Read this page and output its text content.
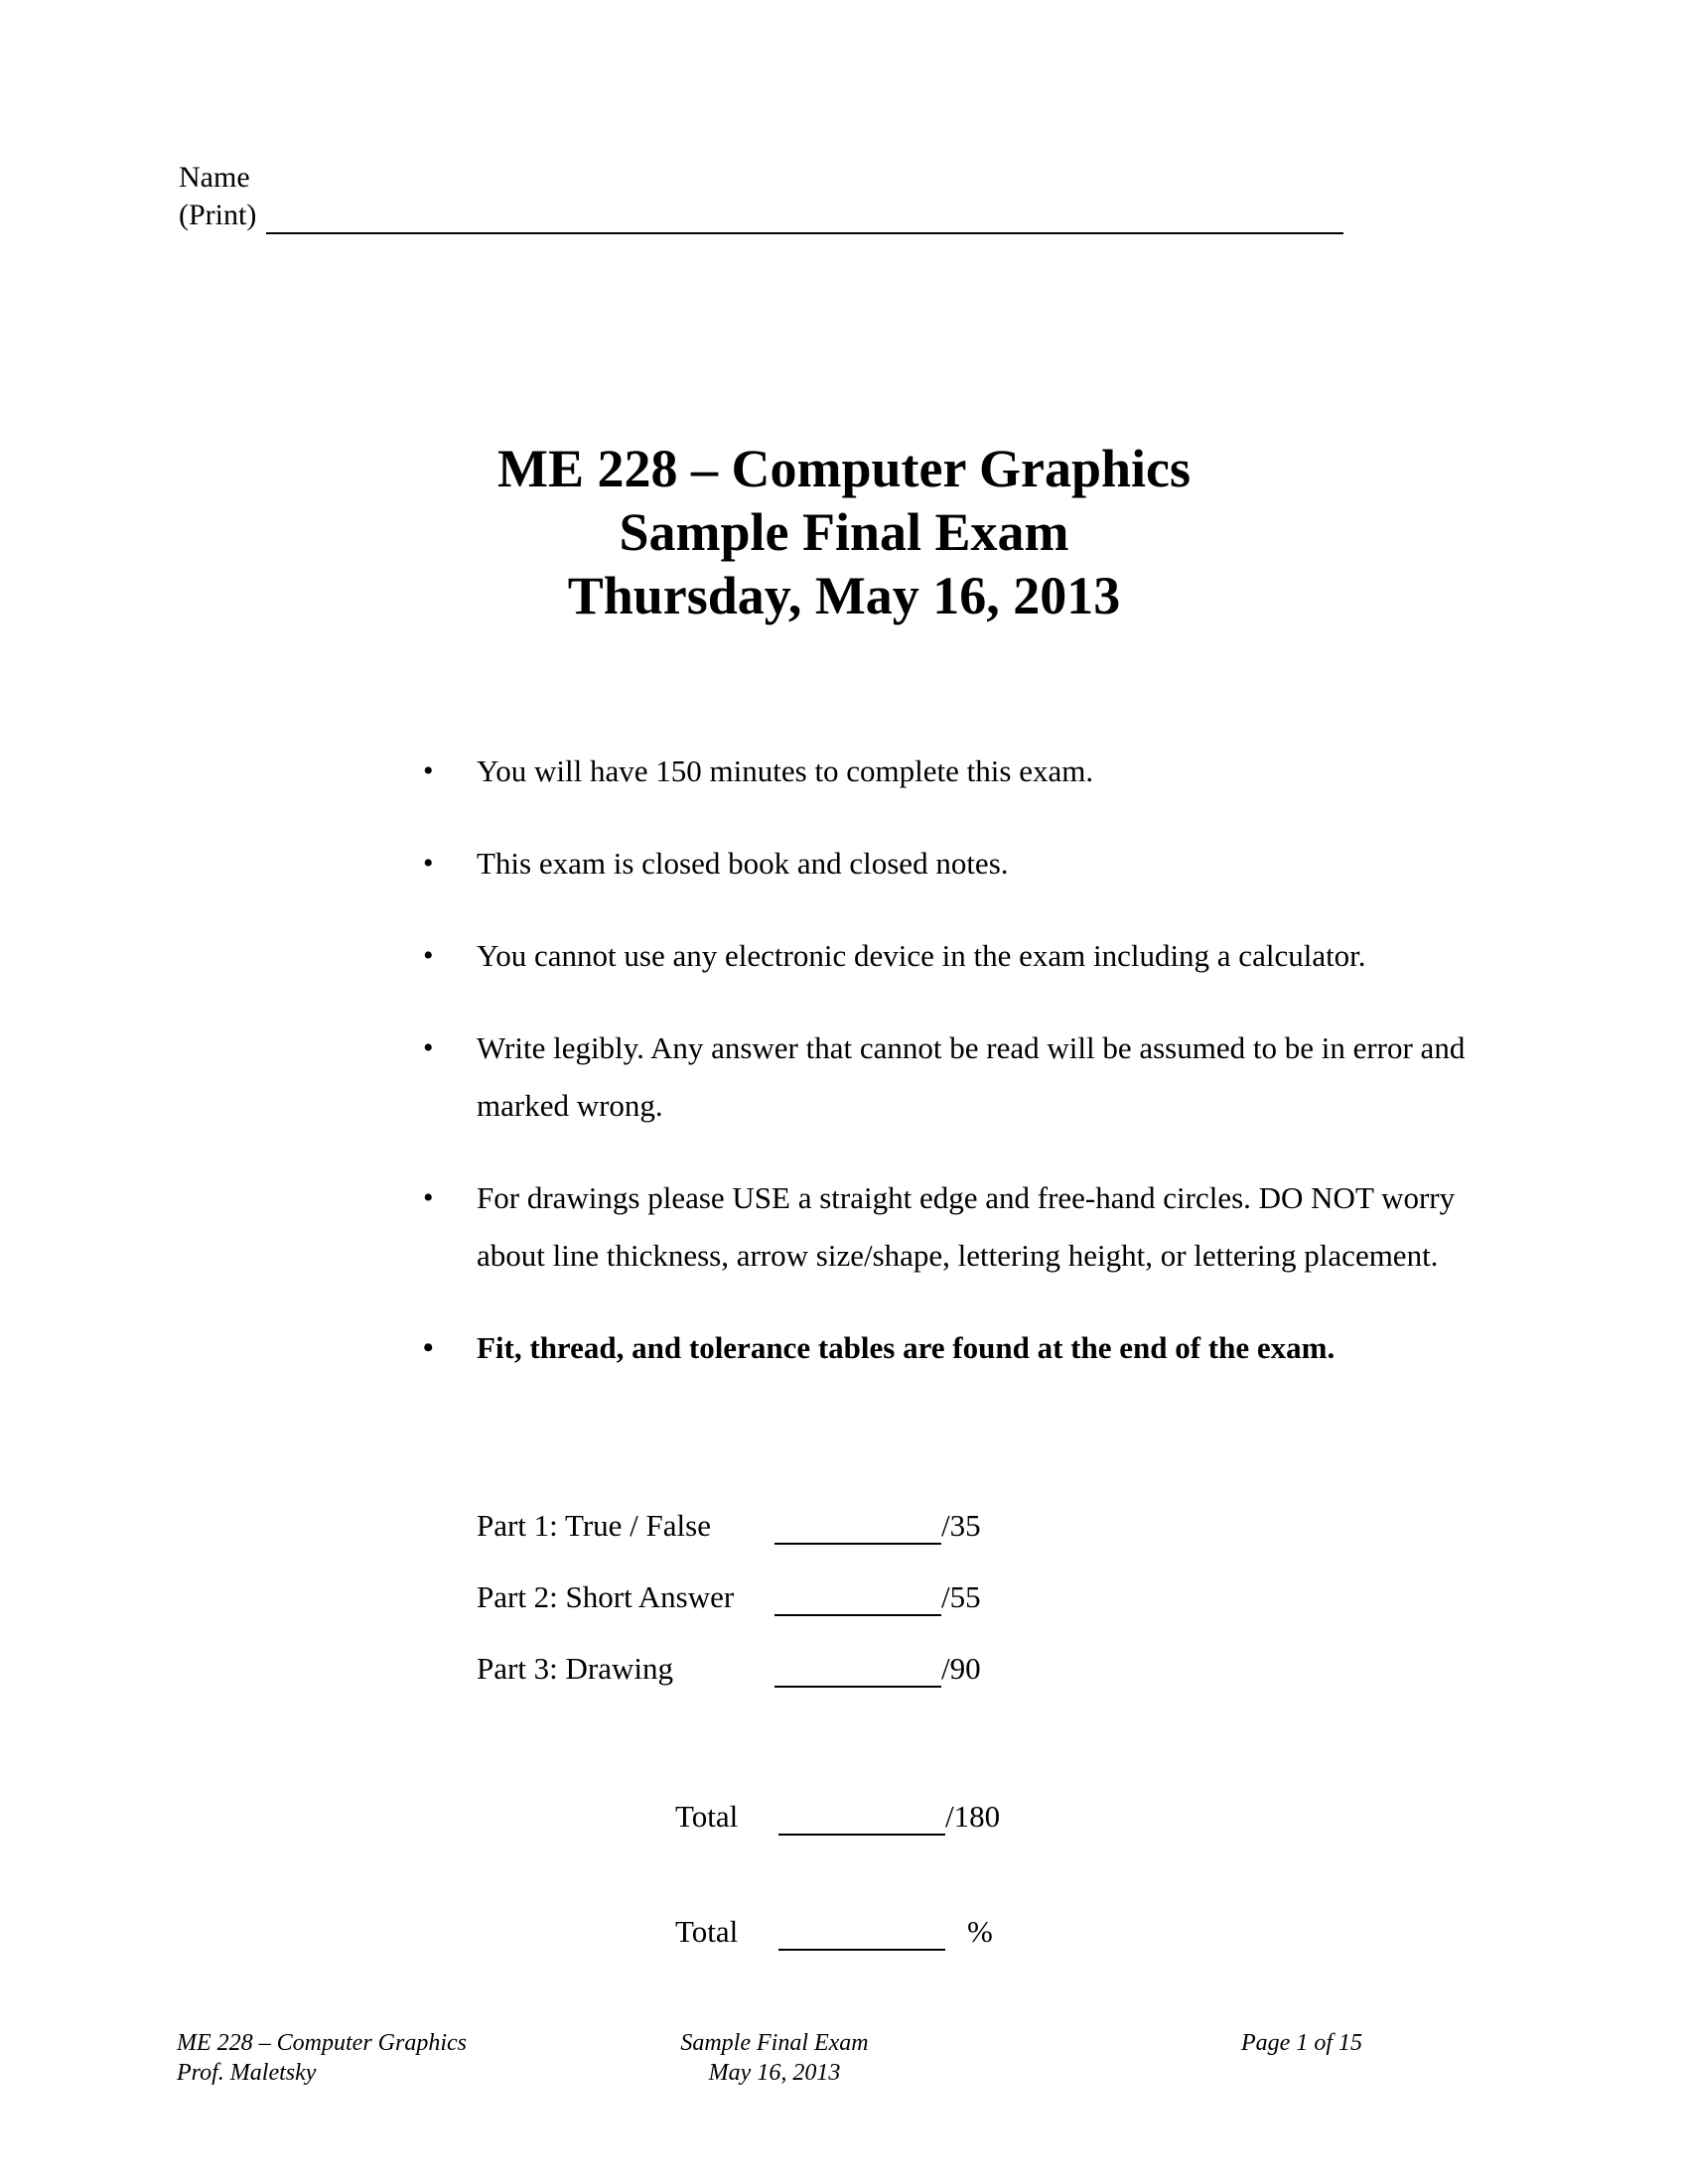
Name
(Print)
ME 228 – Computer Graphics
Sample Final Exam
Thursday, May 16, 2013
• You will have 150 minutes to complete this exam.
• This exam is closed book and closed notes.
• You cannot use any electronic device in the exam including a calculator.
• Write legibly. Any answer that cannot be read will be assumed to be in error and marked wrong.
• For drawings please USE a straight edge and free-hand circles. DO NOT worry about line thickness, arrow size/shape, lettering height, or lettering placement.
• Fit, thread, and tolerance tables are found at the end of the exam.
Part 1: True / False	/35
Part 2: Short Answer	/55
Part 3: Drawing	/90
Total	/180
Total	%
ME 228 – Computer Graphics
Prof. Maletsky
Sample Final Exam
May 16, 2013
Page 1 of 15
